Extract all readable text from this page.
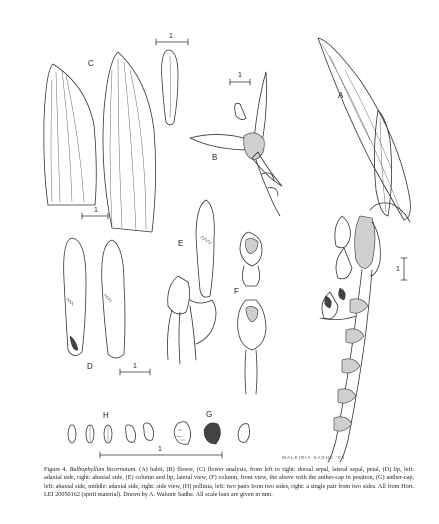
C
1
1
1
B
A
1
D	1
E
F
H	G
1
WALKIRIA SADHE '03
Figure 4. Bulbophyllum bicornutum. (A) habit, (B) flower, (C) flower analysis, from left to right: dorsal sepal, lateral sepal, petal, (D) lip, left: adaxial side, right: abaxial side, (E) column and lip, lateral view, (F) column, front view, the above with the anther-cap in position, (G) anther-cap, left: abaxial side, middle: adaxial side, right: side view, (H) pollinia, left: two pairs from two sides, right: a single pair from two sides. All from Hort. LEI 20050162 (spirit material). Drawn by A. Walunir Sadhe. All scale bars are given in mm.
